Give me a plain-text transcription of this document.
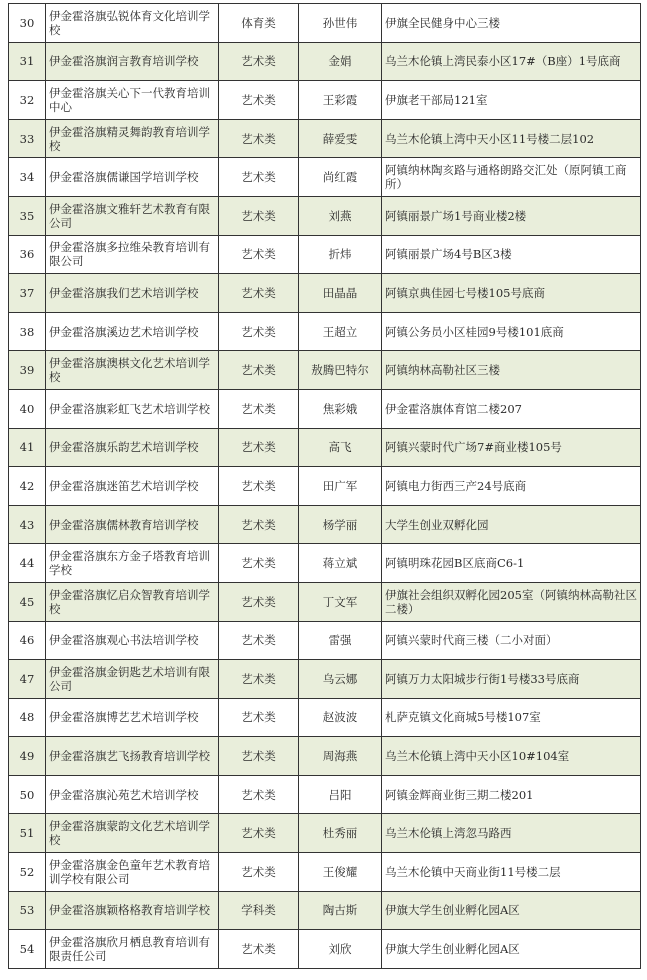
30	伊金霍洛旗弘锐体育文化培训学校	体育类	孙世伟	伊旗全民健身中心三楼
31	伊金霍洛旗润言教育培训学校	艺术类	金娟	乌兰木伦镇上湾民泰小区17#（B座）1号底商
32	伊金霍洛旗关心下一代教育培训中心	艺术类	王彩霞	伊旗老干部局121室
33	伊金霍洛旗精灵舞韵教育培训学校	艺术类	薛爱雯	乌兰木伦镇上湾中天小区11号楼二层102
34	伊金霍洛旗儒谦国学培训学校	艺术类	尚红霞	阿镇纳林陶亥路与通格朗路交汇处（原阿镇工商所）
35	伊金霍洛旗文雅轩艺术教育有限公司	艺术类	刘燕	阿镇丽景广场1号商业楼2楼
36	伊金霍洛旗多拉维朵教育培训有限公司	艺术类	折炜	阿镇丽景广场4号B区3楼
37	伊金霍洛旗我们艺术培训学校	艺术类	田晶晶	阿镇京典佳园七号楼105号底商
38	伊金霍洛旗溪边艺术培训学校	艺术类	王超立	阿镇公务员小区桂园9号楼101底商
39	伊金霍洛旗澳棋文化艺术培训学校	艺术类	敖腾巴特尔	阿镇纳林高勒社区三楼
40	伊金霍洛旗彩虹飞艺术培训学校	艺术类	焦彩娥	伊金霍洛旗体育馆二楼207
41	伊金霍洛旗乐韵艺术培训学校	艺术类	高飞	阿镇兴蒙时代广场7#商业楼105号
42	伊金霍洛旗迷笛艺术培训学校	艺术类	田广军	阿镇电力街西三产24号底商
43	伊金霍洛旗儒林教育培训学校	艺术类	杨学丽	大学生创业双孵化园
44	伊金霍洛旗东方金子塔教育培训学校	艺术类	蒋立斌	阿镇明珠花园B区底商C6-1
45	伊金霍洛旗忆启众智教育培训学校	艺术类	丁文军	伊旗社会组织双孵化园205室（阿镇纳林高勒社区二楼）
46	伊金霍洛旗观心书法培训学校	艺术类	雷强	阿镇兴蒙时代商三楼（二小对面）
47	伊金霍洛旗金钥匙艺术培训有限公司	艺术类	乌云娜	阿镇万力太阳城步行街1号楼33号底商
48	伊金霍洛旗博艺艺术培训学校	艺术类	赵波波	札萨克镇文化商城5号楼107室
49	伊金霍洛旗艺飞扬教育培训学校	艺术类	周海燕	乌兰木伦镇上湾中天小区10#104室
50	伊金霍洛旗沁苑艺术培训学校	艺术类	吕阳	阿镇金辉商业街三期二楼201
51	伊金霍洛旗蒙韵文化艺术培训学校	艺术类	杜秀丽	乌兰木伦镇上湾忽马路西
52	伊金霍洛旗金色童年艺术教育培训学校有限公司	艺术类	王俊耀	乌兰木伦镇中天商业街11号楼二层
53	伊金霍洛旗颖格格教育培训学校	学科类	陶古斯	伊旗大学生创业孵化园A区
54	伊金霍洛旗欣月栖息教育培训有限责任公司	艺术类	刘欣	伊旗大学生创业孵化园A区
